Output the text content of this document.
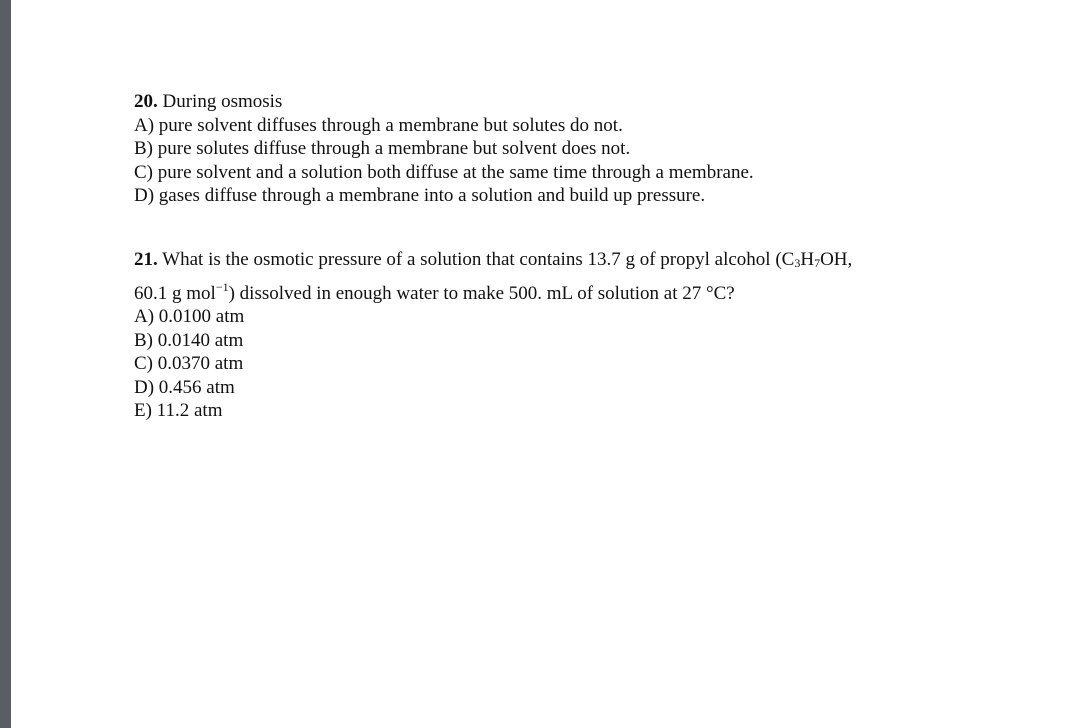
20. During osmosis
A) pure solvent diffuses through a membrane but solutes do not.
B) pure solutes diffuse through a membrane but solvent does not.
C) pure solvent and a solution both diffuse at the same time through a membrane.
D) gases diffuse through a membrane into a solution and build up pressure.
21. What is the osmotic pressure of a solution that contains 13.7 g of propyl alcohol (C3H7OH,
60.1 g mol$^{-1}$) dissolved in enough water to make 500. mL of solution at 27 °C?
A) 0.0100 atm
B) 0.0140 atm
C) 0.0370 atm
D) 0.456 atm
E) 11.2 atm
